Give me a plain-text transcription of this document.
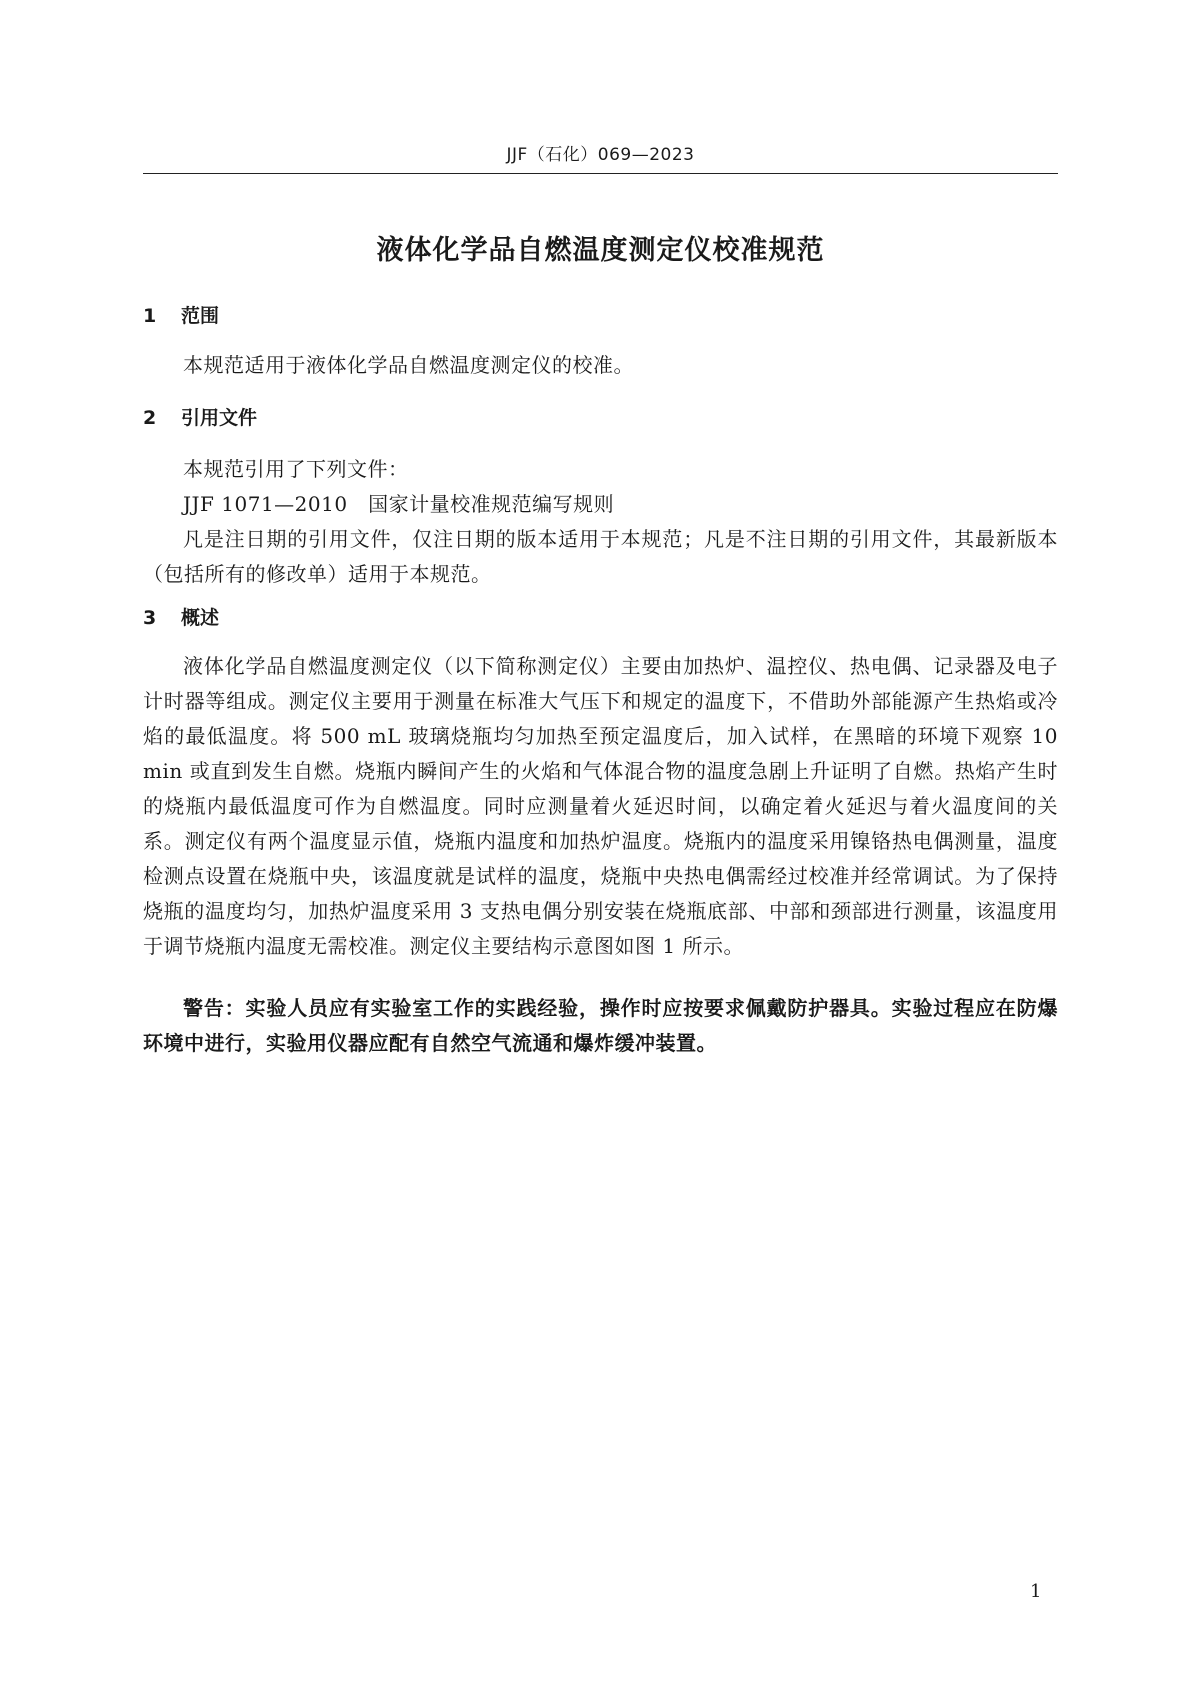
JJF（石化）069—2023
液体化学品自燃温度测定仪校准规范
1 范围

本规范适用于液体化学品自燃温度测定仪的校准。

2 引用文件

本规范引用了下列文件：

JJF 1071—2010　国家计量校准规范编写规则

凡是注日期的引用文件，仅注日期的版本适用于本规范；凡是不注日期的引用文件，其最新版本（包括所有的修改单）适用于本规范。

3 概述

液体化学品自燃温度测定仪（以下简称测定仪）主要由加热炉、温控仪、热电偶、记录器及电子计时器等组成。测定仪主要用于测量在标准大气压下和规定的温度下，不借助外部能源产生热焰或冷焰的最低温度。将 500 mL 玻璃烧瓶均匀加热至预定温度后，加入试样，在黑暗的环境下观察 10 min 或直到发生自燃。烧瓶内瞬间产生的火焰和气体混合物的温度急剧上升证明了自燃。热焰产生时的烧瓶内最低温度可作为自燃温度。同时应测量着火延迟时间，以确定着火延迟与着火温度间的关系。测定仪有两个温度显示值，烧瓶内温度和加热炉温度。烧瓶内的温度采用镍铬热电偶测量，温度检测点设置在烧瓶中央，该温度就是试样的温度，烧瓶中央热电偶需经过校准并经常调试。为了保持烧瓶的温度均匀，加热炉温度采用 3 支热电偶分别安装在烧瓶底部、中部和颈部进行测量，该温度用于调节烧瓶内温度无需校准。测定仪主要结构示意图如图 1 所示。

警告：实验人员应有实验室工作的实践经验，操作时应按要求佩戴防护器具。实验过程应在防爆环境中进行，实验用仪器应配有自然空气流通和爆炸缓冲装置。

1
